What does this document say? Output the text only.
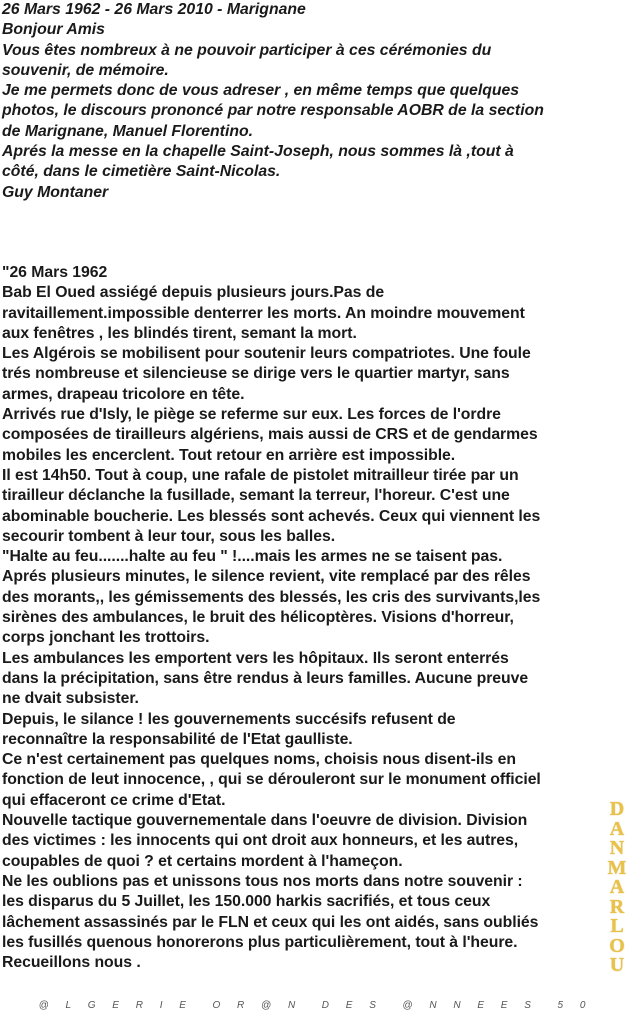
26 Mars 1962 - 26 Mars 2010 - Marignane
Bonjour Amis
Vous êtes nombreux à ne pouvoir participer à ces cérémonies du
souvenir, de mémoire.
Je me permets donc de vous adreser , en même temps que quelques
photos, le discours prononcé par notre responsable AOBR de la section
de Marignane, Manuel Florentino.
Aprés la messe en la chapelle Saint-Joseph, nous sommes là ,tout à
côté, dans le cimetière Saint-Nicolas.
Guy Montaner
"26 Mars 1962
Bab El Oued assiégé depuis plusieurs jours.Pas de
ravitaillement.impossible denterrer les morts. An moindre mouvement
aux fenêtres , les blindés tirent, semant la mort.
Les Algérois se mobilisent pour soutenir leurs compatriotes. Une foule
trés nombreuse et silencieuse se dirige vers le quartier martyr, sans
armes, drapeau tricolore en tête.
Arrivés rue d'Isly, le piège se referme sur eux. Les forces de l'ordre
composées de tirailleurs algériens, mais aussi de CRS et de gendarmes
mobiles les encerclent. Tout retour en arrière est impossible.
Il est 14h50. Tout à coup, une rafale de pistolet mitrailleur tirée par un
tirailleur déclanche la fusillade, semant la terreur, l'horeur. C'est une
abominable boucherie. Les blessés sont achevés. Ceux qui viennent les
secourir tombent à leur tour, sous les balles.
"Halte au feu.......halte au feu " !....mais les armes ne se taisent pas.
Aprés plusieurs minutes, le silence revient, vite remplacé par des rêles
des morants,, les gémissements des blessés, les cris des survivants,les
sirènes des ambulances, le bruit des hélicoptères. Visions d'horreur,
corps jonchant les trottoirs.
Les ambulances les emportent vers les hôpitaux. Ils seront enterrés
dans la précipitation, sans être rendus à leurs familles. Aucune preuve
ne dvait subsister.
Depuis, le silance ! les gouvernements succésifs refusent de
reconnaître la responsabilité de l'Etat gaulliste.
Ce n'est certainement pas quelques noms, choisis nous disent-ils en
fonction de leut innocence, , qui se dérouleront sur le monument officiel
qui effaceront ce crime d'Etat.
Nouvelle tactique gouvernementale dans l'oeuvre de division. Division
des victimes : les innocents qui ont droit aux honneurs, et les autres,
coupables de quoi ? et certains mordent à l'hameçon.
Ne les oublions pas et unissons tous nos morts dans notre souvenir :
les disparus du 5 Juillet, les 150.000 harkis sacrifiés, et tous ceux
lâchement assassinés par le FLN et ceux qui les ont aidés, sans oubliés
les fusillés quenous honorerons plus particulièrement, tout à l'heure.
Recueillons nous .
D
A
N
M
A
R
L
O
U
@ L G E R I E  O R @ N  D E S  @ N N E E S  5 0
